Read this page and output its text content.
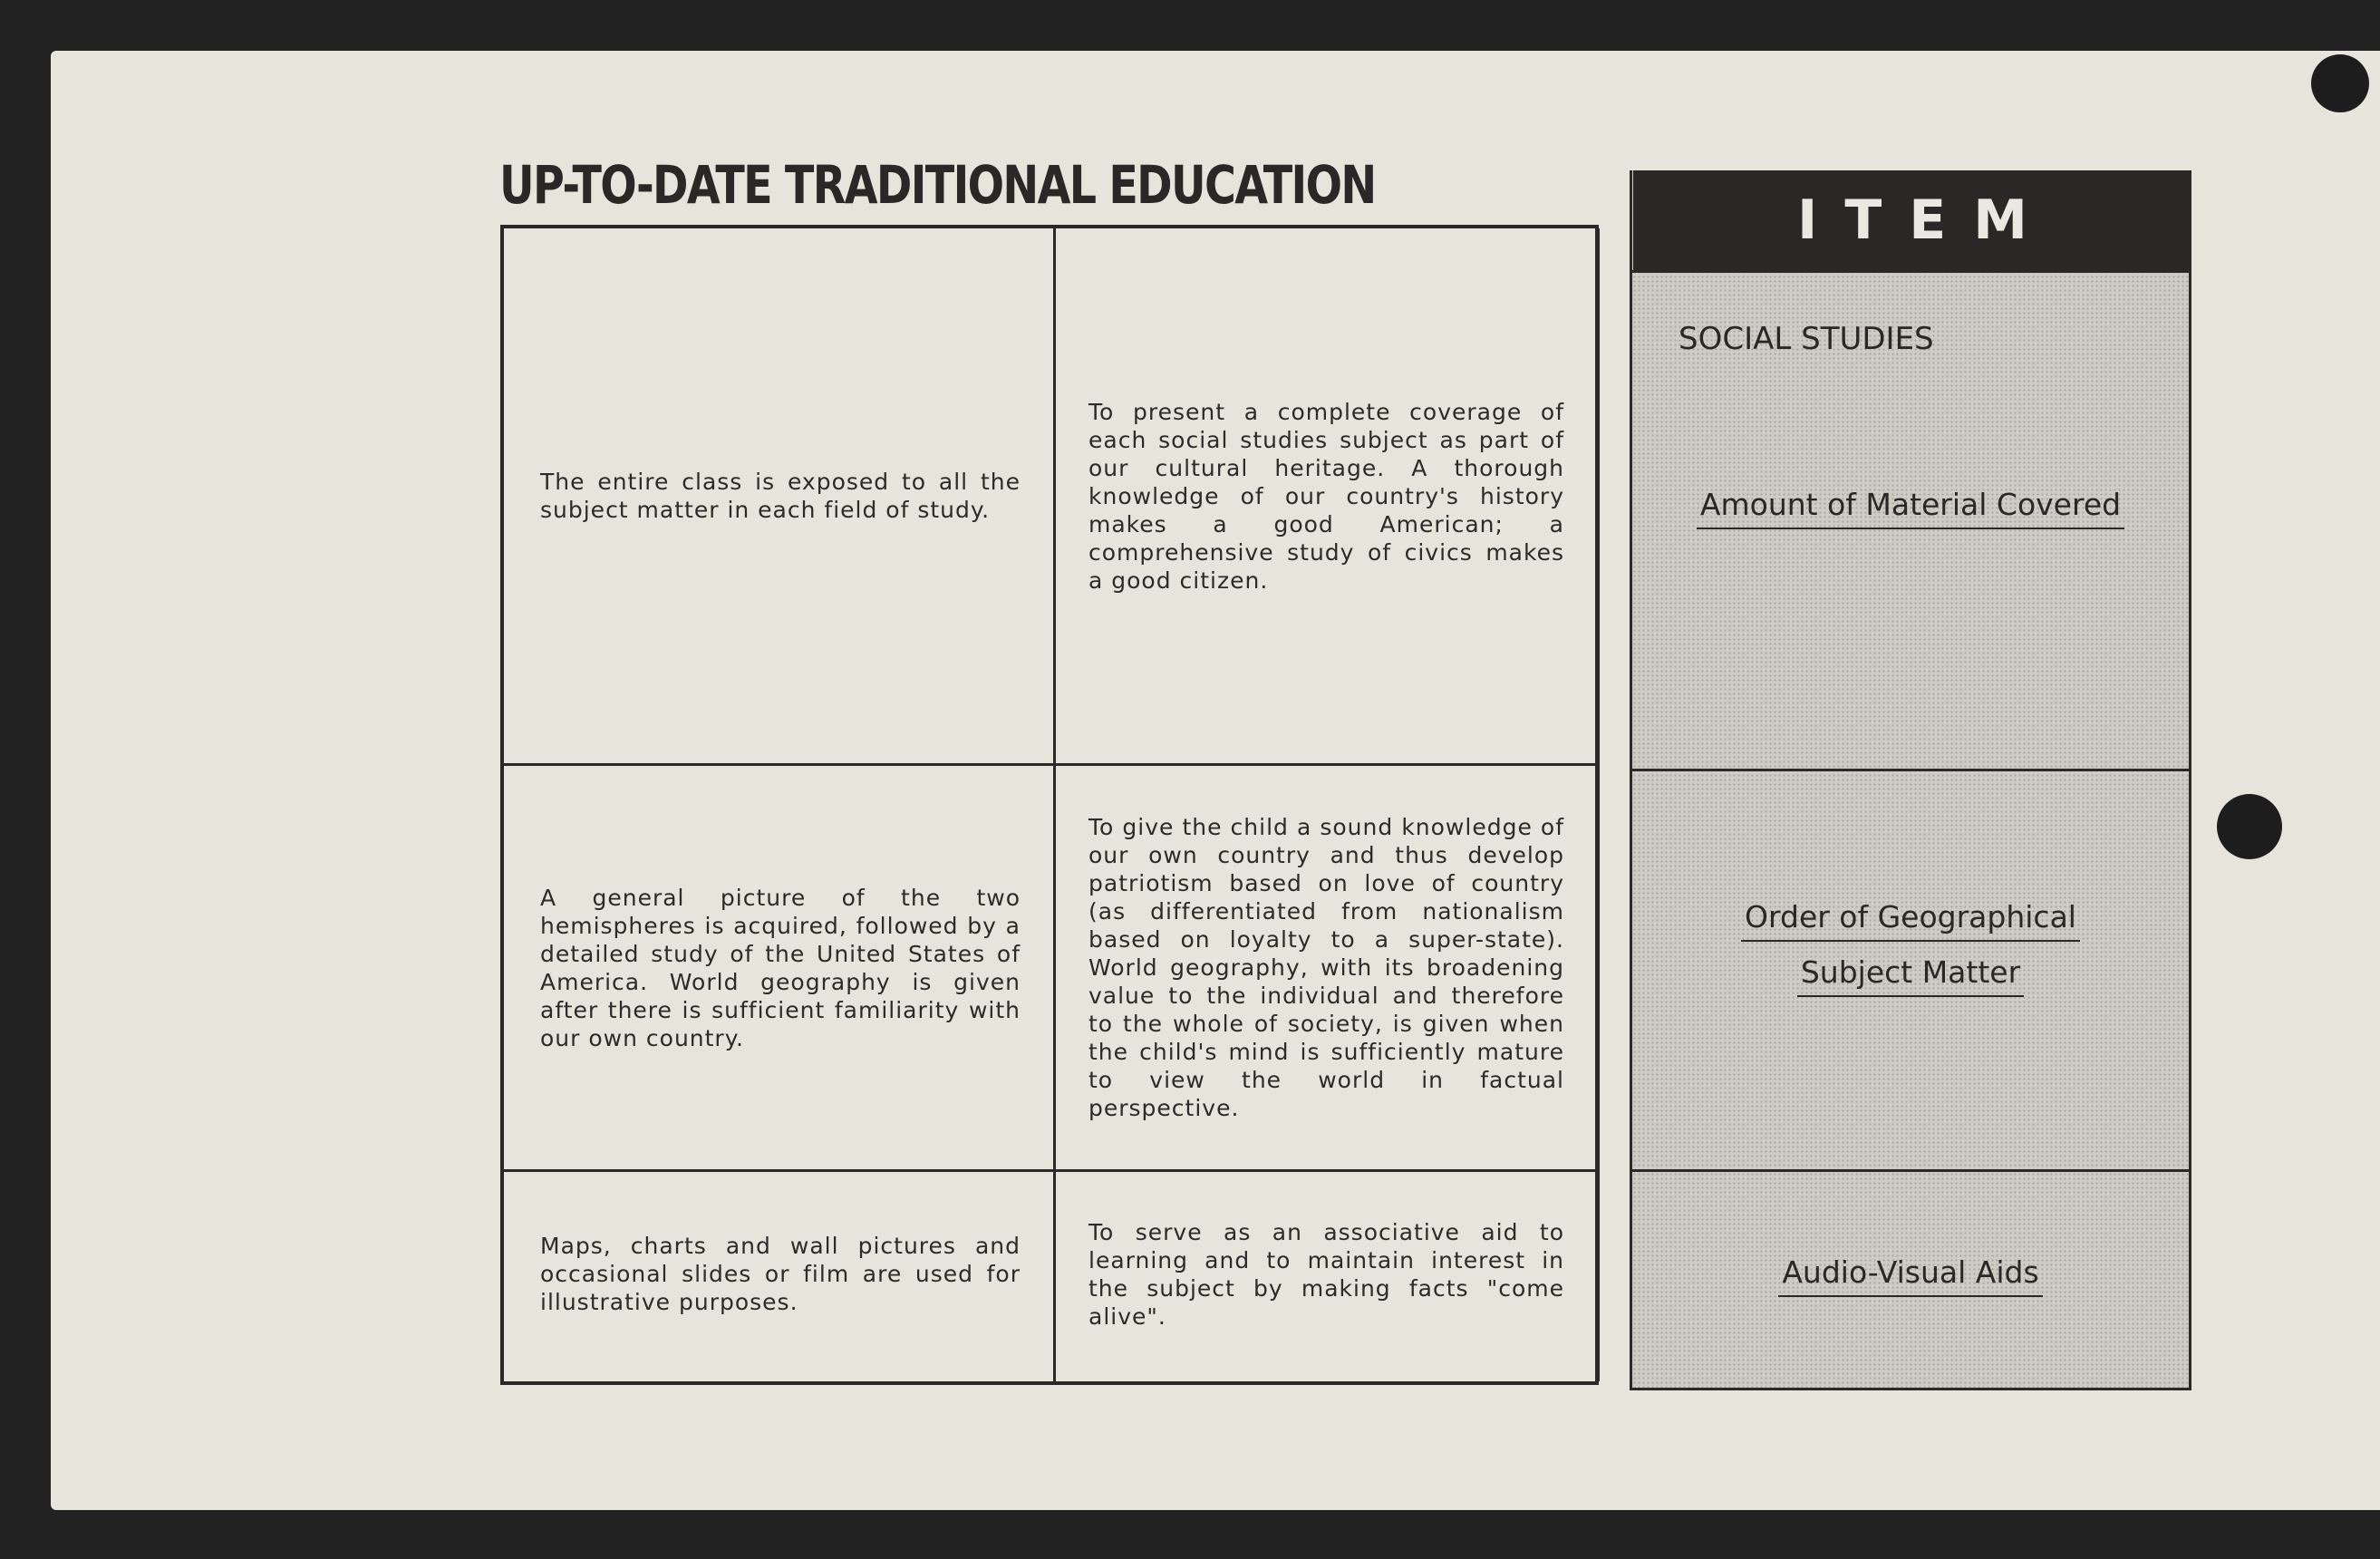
UP-TO-DATE TRADITIONAL EDUCATION

The entire class is exposed to all the subject matter in each field of study.

To present a complete coverage of each social studies subject as part of our cultural heritage. A thorough knowledge of our country's history makes a good American; a comprehensive study of civics makes a good citizen.

A general picture of the two hemispheres is acquired, followed by a detailed study of the United States of America. World geography is given after there is sufficient familiarity with our own country.

To give the child a sound knowledge of our own country and thus develop patriotism based on love of country (as differentiated from nationalism based on loyalty to a super-state). World geography, with its broadening value to the individual and therefore to the whole of society, is given when the child's mind is sufficiently mature to view the world in factual perspective.

Maps, charts and wall pictures and occasional slides or film are used for illustrative purposes.

To serve as an associative aid to learning and to maintain interest in the subject by making facts "come alive".

ITEM
SOCIAL STUDIES
Amount of Material Covered
Order of Geographical
Subject Matter
Audio-Visual Aids
